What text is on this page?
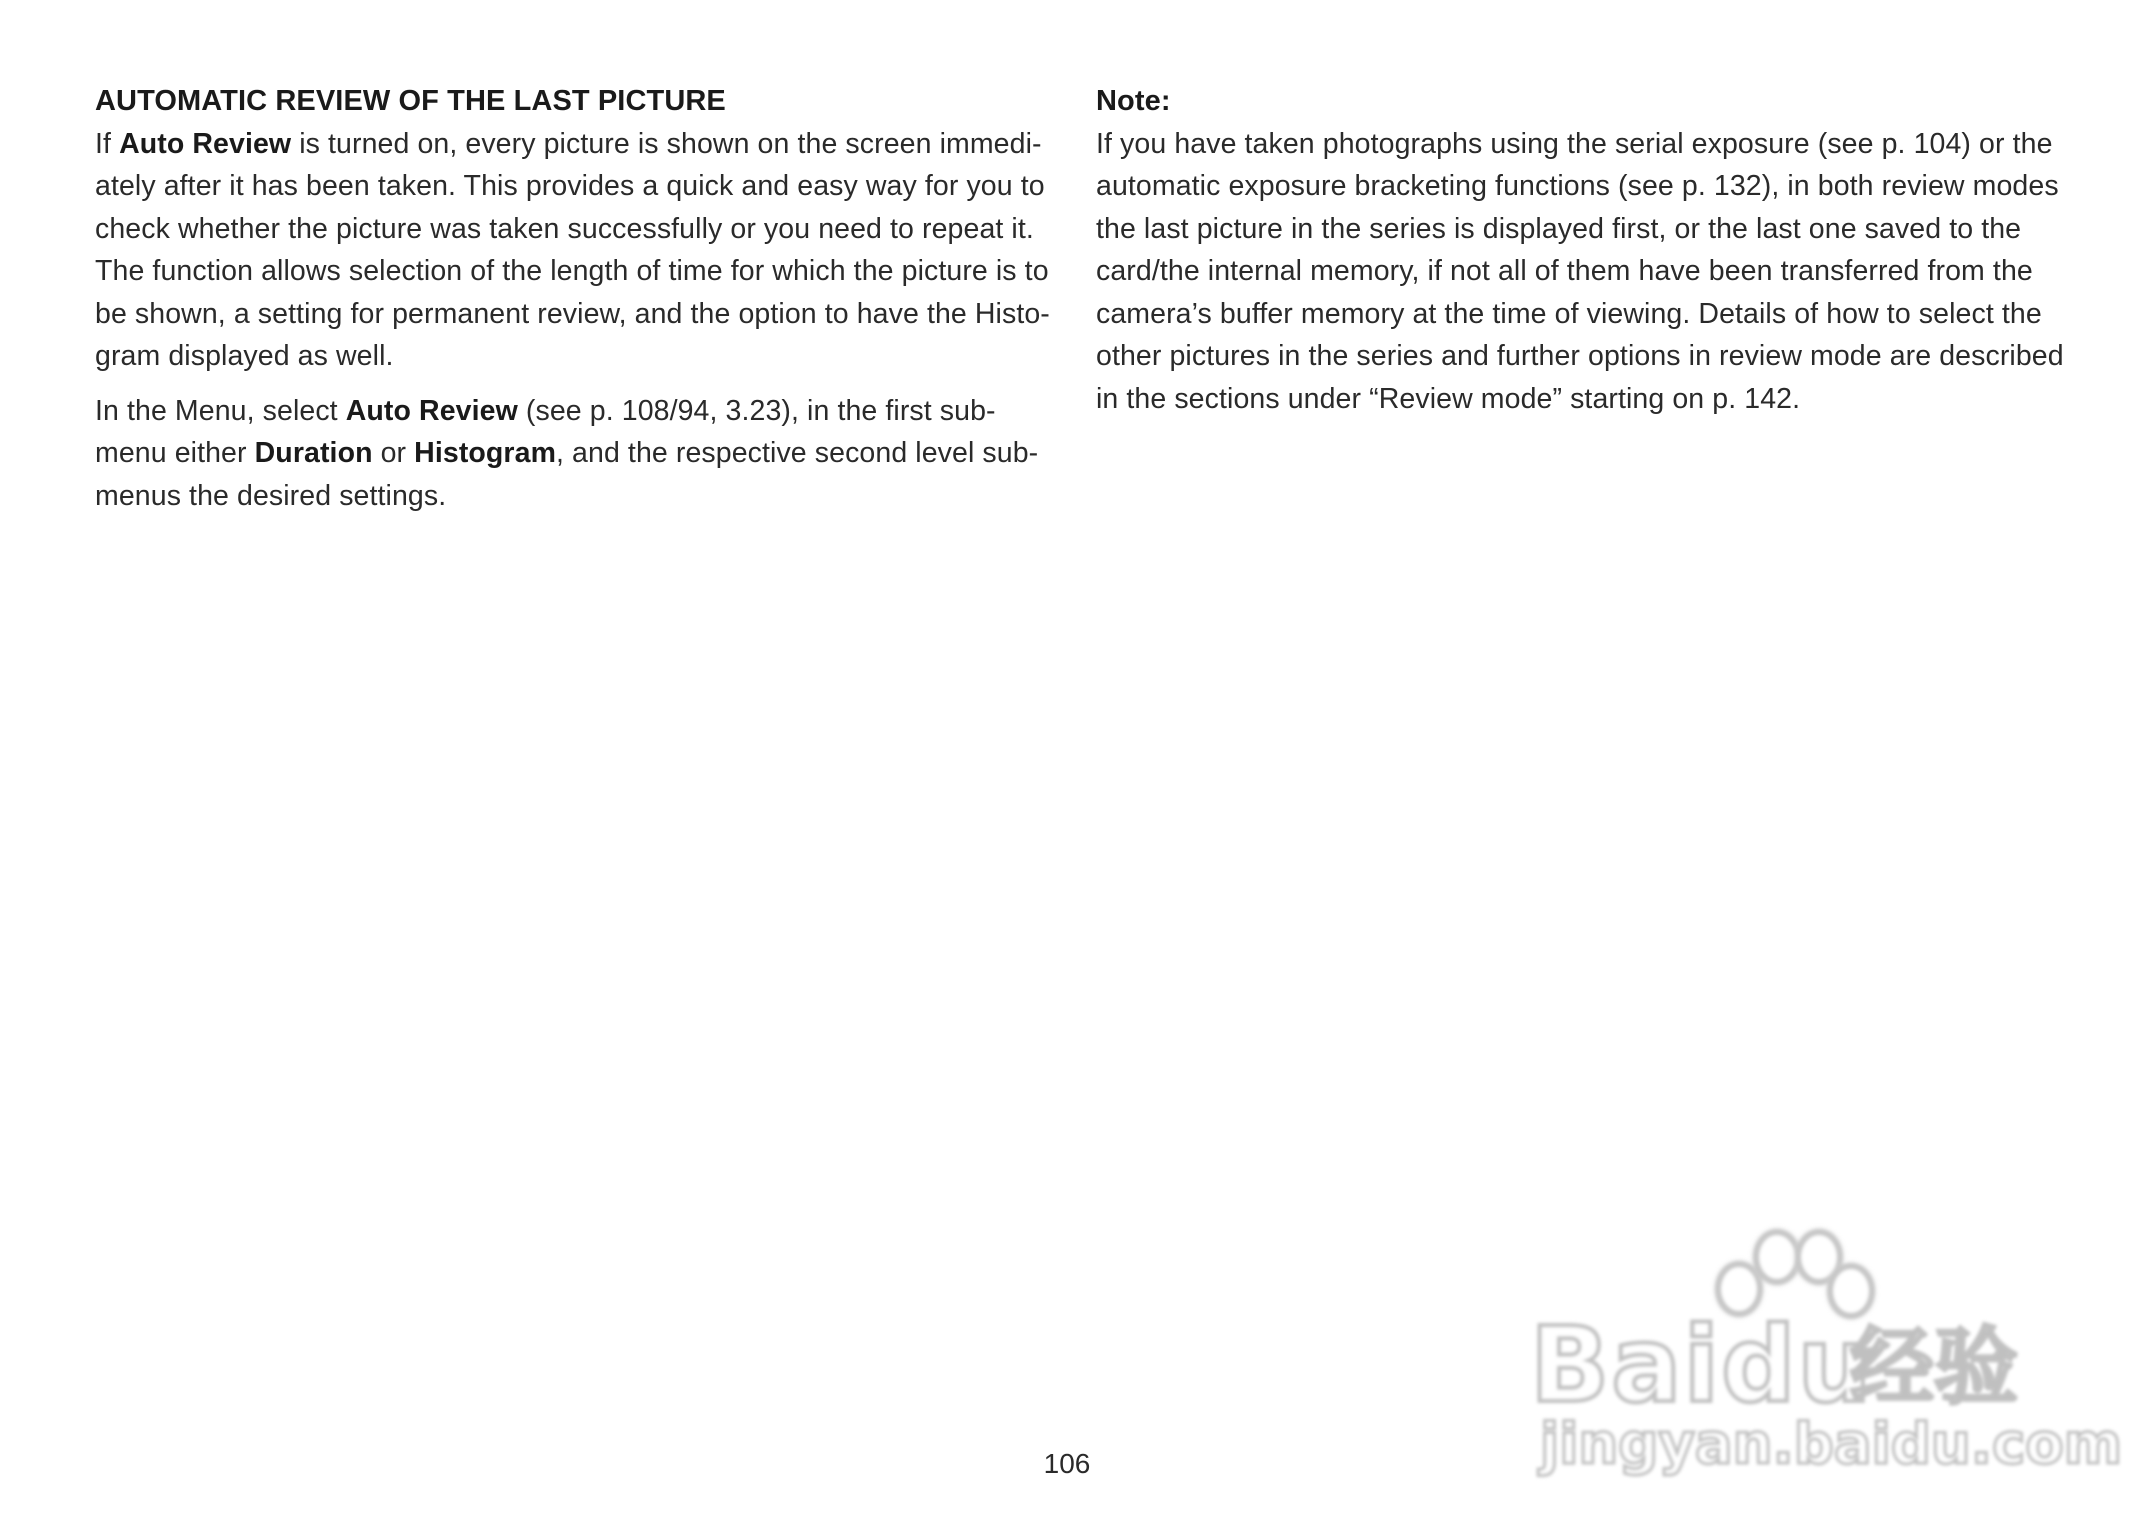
AUTOMATIC REVIEW OF THE LAST PICTURE

If Auto Review is turned on, every picture is shown on the screen immedi-
ately after it has been taken. This provides a quick and easy way for you to
check whether the picture was taken successfully or you need to repeat it.
The function allows selection of the length of time for which the picture is to
be shown, a setting for permanent review, and the option to have the Histo-
gram displayed as well.

In the Menu, select Auto Review (see p. 108/94, 3.23), in the first sub-
menu either Duration or Histogram, and the respective second level sub-
menus the desired settings.

Note:

If you have taken photographs using the serial exposure (see p. 104) or the
automatic exposure bracketing functions (see p. 132), in both review modes
the last picture in the series is displayed first, or the last one saved to the
card/the internal memory, if not all of them have been transferred from the
camera’s buffer memory at the time of viewing. Details of how to select the
other pictures in the series and further options in review mode are described
in the sections under “Review mode” starting on p. 142.

Baidu
经验
jingyan.baidu.com
106
